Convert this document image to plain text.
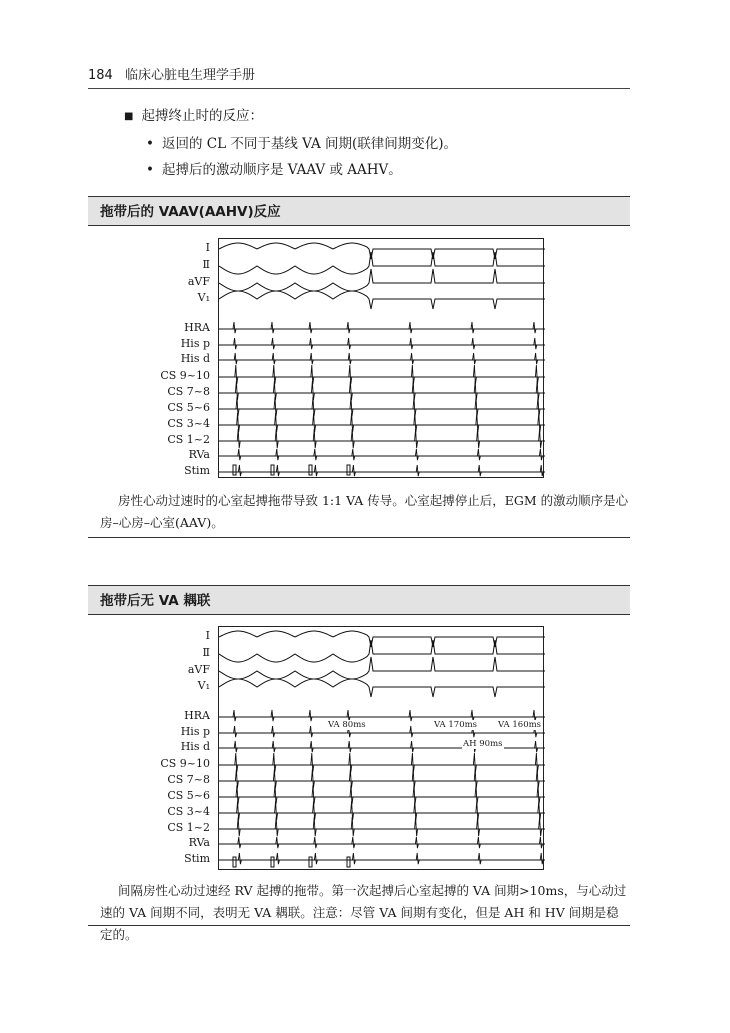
184 临床心脏电生理学手册
■ 起搏终止时的反应：
• 返回的 CL 不同于基线 VA 间期(联律间期变化)。
• 起搏后的激动顺序是 VAAV 或 AAHV。
拖带后的 VAAV(AAHV)反应
Ⅰ
Ⅱ
aVF
V₁
HRA
His p
His d
CS 9~10
CS 7~8
CS 5~6
CS 3~4
CS 1~2
RVa
Stim
房性心动过速时的心室起搏拖带导致 1:1 VA 传导。心室起搏停止后，EGM 的激动顺序是心房–心房–心室(AAV)。
拖带后无 VA 耦联
Ⅰ
Ⅱ
aVF
V₁
HRA
His p
His d
CS 9~10
CS 7~8
CS 5~6
CS 3~4
CS 1~2
RVa
Stim
VA 80ms	VA 170ms
AH 90ms
VA 160ms
间隔房性心动过速经 RV 起搏的拖带。第一次起搏后心室起搏的 VA 间期>10ms，与心动过速的 VA 间期不同，表明无 VA 耦联。注意：尽管 VA 间期有变化，但是 AH 和 HV 间期是稳定的。
